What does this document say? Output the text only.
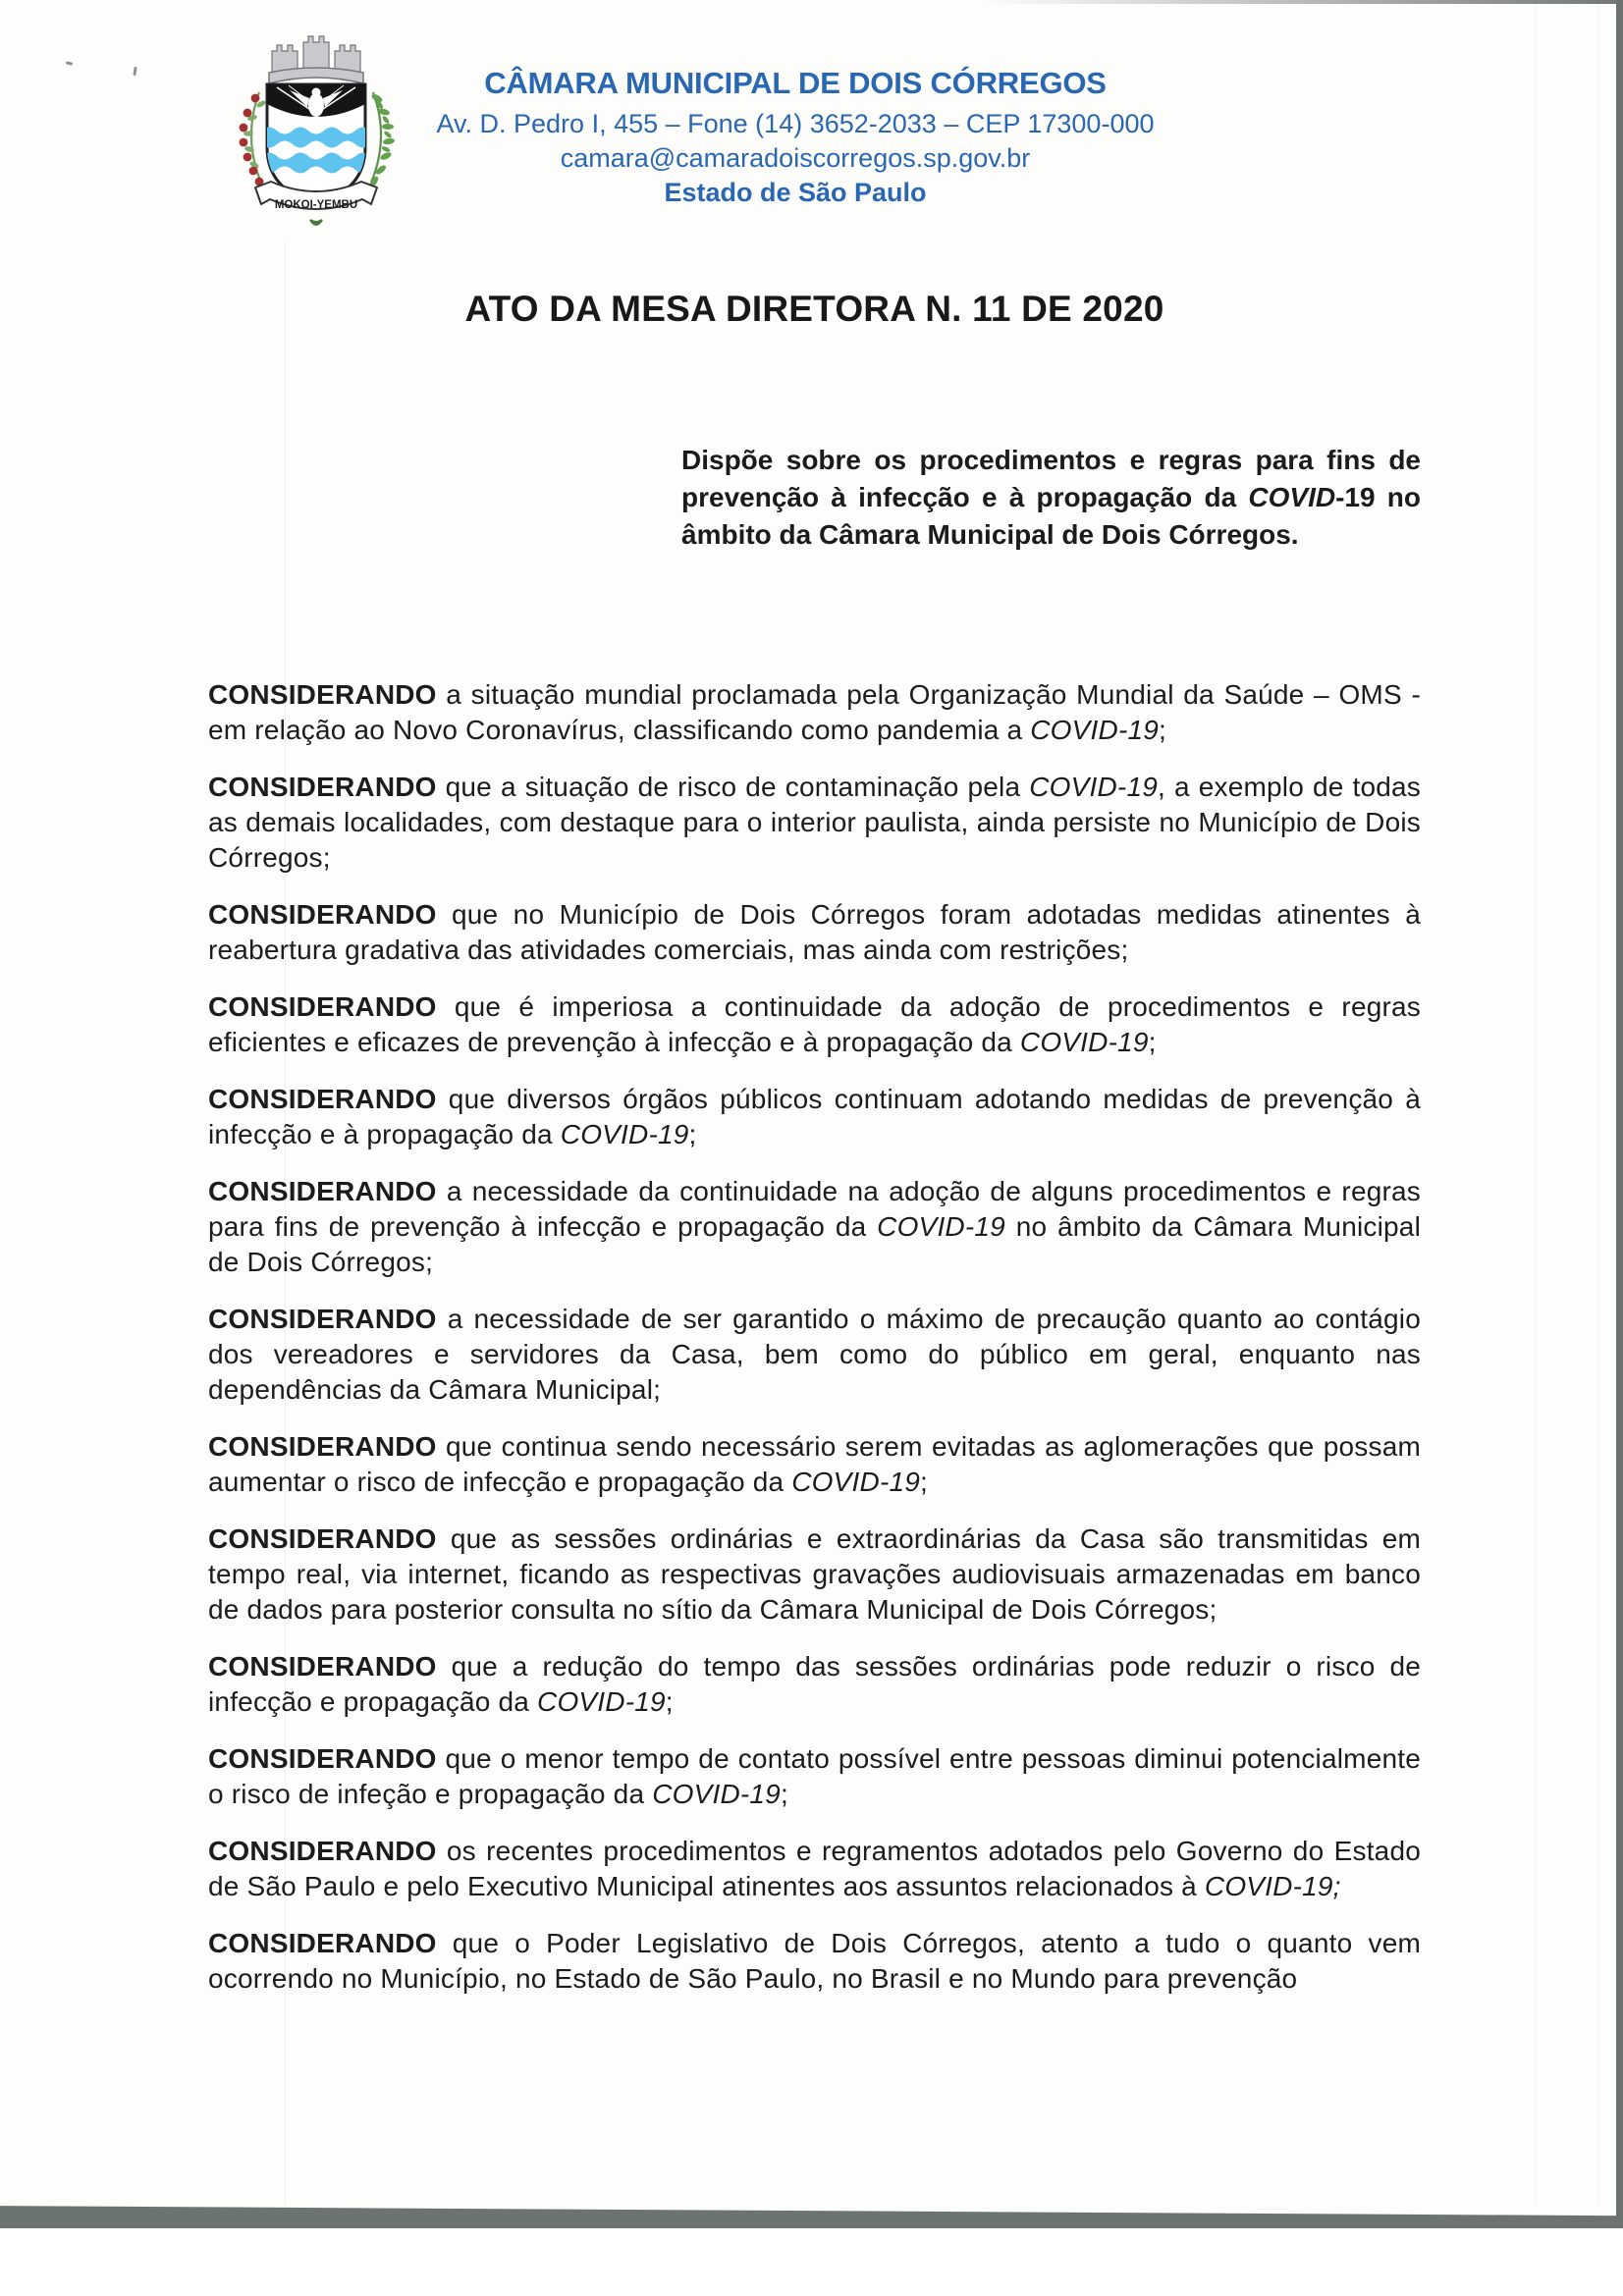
MOKOI-YEMBU
CÂMARA MUNICIPAL DE DOIS CÓRREGOS
Av. D. Pedro I, 455 – Fone (14) 3652-2033 – CEP 17300-000
camara@camaradoiscorregos.sp.gov.br
Estado de São Paulo
ATO DA MESA DIRETORA N. 11 DE 2020

Dispõe sobre os procedimentos e regras para fins de prevenção à infecção e à propagação da COVID-19 no âmbito da Câmara Municipal de Dois Córregos.

CONSIDERANDO a situação mundial proclamada pela Organização Mundial da Saúde – OMS - em relação ao Novo Coronavírus, classificando como pandemia a COVID-19;

CONSIDERANDO que a situação de risco de contaminação pela COVID-19, a exemplo de todas as demais localidades, com destaque para o interior paulista, ainda persiste no Município de Dois Córregos;

CONSIDERANDO que no Município de Dois Córregos foram adotadas medidas atinentes à reabertura gradativa das atividades comerciais, mas ainda com restrições;

CONSIDERANDO que é imperiosa a continuidade da adoção de procedimentos e regras eficientes e eficazes de prevenção à infecção e à propagação da COVID-19;

CONSIDERANDO que diversos órgãos públicos continuam adotando medidas de prevenção à infecção e à propagação da COVID-19;

CONSIDERANDO a necessidade da continuidade na adoção de alguns procedimentos e regras para fins de prevenção à infecção e propagação da COVID-19 no âmbito da Câmara Municipal de Dois Córregos;

CONSIDERANDO a necessidade de ser garantido o máximo de precaução quanto ao contágio dos vereadores e servidores da Casa, bem como do público em geral, enquanto nas dependências da Câmara Municipal;

CONSIDERANDO que continua sendo necessário serem evitadas as aglomerações que possam aumentar o risco de infecção e propagação da COVID-19;

CONSIDERANDO que as sessões ordinárias e extraordinárias da Casa são transmitidas em tempo real, via internet, ficando as respectivas gravações audiovisuais armazenadas em banco de dados para posterior consulta no sítio da Câmara Municipal de Dois Córregos;

CONSIDERANDO que a redução do tempo das sessões ordinárias pode reduzir o risco de infecção e propagação da COVID-19;

CONSIDERANDO que o menor tempo de contato possível entre pessoas diminui potencialmente o risco de infeção e propagação da COVID-19;

CONSIDERANDO os recentes procedimentos e regramentos adotados pelo Governo do Estado de São Paulo e pelo Executivo Municipal atinentes aos assuntos relacionados à COVID-19;

CONSIDERANDO que o Poder Legislativo de Dois Córregos, atento a tudo o quanto vem ocorrendo no Município, no Estado de São Paulo, no Brasil e no Mundo para prevenção
